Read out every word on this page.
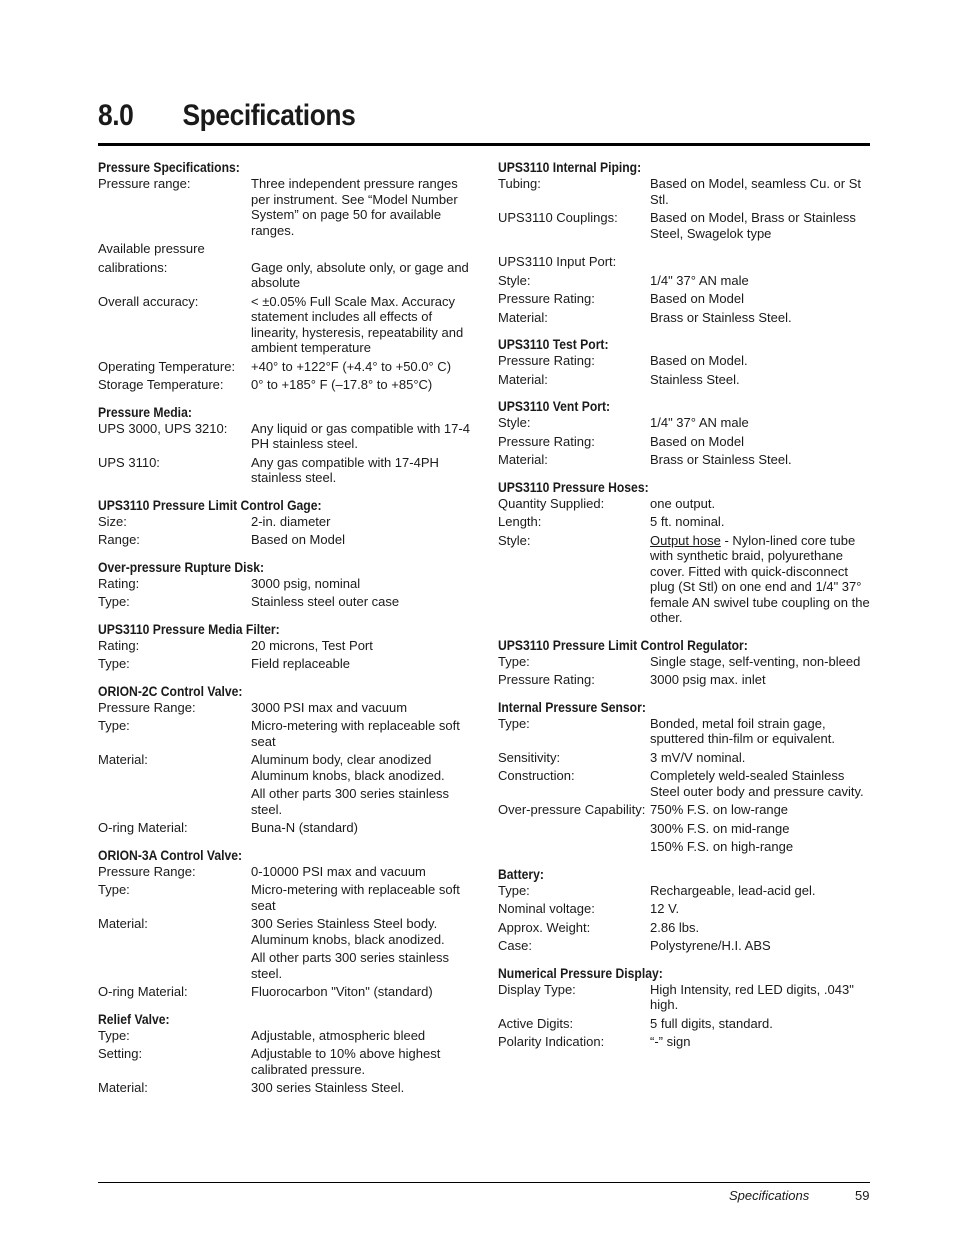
8.0 Specifications
Pressure Specifications:
Pressure range:	Three independent pressure ranges per instrument. See “Model Number System” on page 50 for available ranges.
Available pressure
calibrations:	Gage only, absolute only, or gage and absolute
Overall accuracy:	< ±0.05% Full Scale Max. Accuracy statement includes all effects of linearity, hysteresis, repeatability and ambient temperature
Operating Temperature:	+40° to +122°F (+4.4° to +50.0° C)
Storage Temperature:	0° to +185° F (–17.8° to +85°C)
Pressure Media:
UPS 3000, UPS 3210:	Any liquid or gas compatible with 17-4 PH stainless steel.
UPS 3110:	Any gas compatible with 17-4PH stainless steel.
UPS3110 Pressure Limit Control Gage:
Size:	2-in. diameter
Range:	Based on Model
Over-pressure Rupture Disk:
Rating:	3000 psig, nominal
Type:	Stainless steel outer case
UPS3110 Pressure Media Filter:
Rating:	20 microns, Test Port
Type:	Field replaceable
ORION-2C Control Valve:
Pressure Range:	3000 PSI max and vacuum
Type:	Micro-metering with replaceable soft seat
Material:	Aluminum body, clear anodized Aluminum knobs, black anodized.
All other parts 300 series stainless steel.
O-ring Material:	Buna-N (standard)
ORION-3A Control Valve:
Pressure Range:	0-10000 PSI max and vacuum
Type:	Micro-metering with replaceable soft seat
Material:	300 Series Stainless Steel body. Aluminum knobs, black anodized.
All other parts 300 series stainless steel.
O-ring Material:	Fluorocarbon "Viton" (standard)
Relief Valve:
Type:	Adjustable, atmospheric bleed
Setting:	Adjustable to 10% above highest calibrated pressure.
Material:	300 series Stainless Steel.
UPS3110 Internal Piping:
Tubing:	Based on Model, seamless Cu. or St Stl.
UPS3110 Couplings:	Based on Model, Brass or Stainless Steel, Swagelok type
UPS3110 Input Port:
Style:	1/4" 37° AN male
Pressure Rating:	Based on Model
Material:	Brass or Stainless Steel.
UPS3110 Test Port:
Pressure Rating:	Based on Model.
Material:	Stainless Steel.
UPS3110 Vent Port:
Style:	1/4" 37° AN male
Pressure Rating:	Based on Model
Material:	Brass or Stainless Steel.
UPS3110 Pressure Hoses:
Quantity Supplied:	one output.
Length:	5 ft. nominal.
Style:	Output hose - Nylon-lined core tube with synthetic braid, polyurethane cover. Fitted with quick-disconnect plug (St Stl) on one end and 1/4" 37° female AN swivel tube coupling on the other.
UPS3110 Pressure Limit Control Regulator:
Type:	Single stage, self-venting, non-bleed
Pressure Rating:	3000 psig max. inlet
Internal Pressure Sensor:
Type:	Bonded, metal foil strain gage, sputtered thin-film or equivalent.
Sensitivity:	3 mV/V nominal.
Construction:	Completely weld-sealed Stainless Steel outer body and pressure cavity.
Over-pressure Capability: 750% F.S. on low-range
300% F.S. on mid-range
150% F.S. on high-range
Battery:
Type:	Rechargeable, lead-acid gel.
Nominal voltage:	12 V.
Approx. Weight:	2.86 lbs.
Case:	Polystyrene/H.I. ABS
Numerical Pressure Display:
Display Type:	High Intensity, red LED digits, .043" high.
Active Digits:	5 full digits, standard.
Polarity Indication:	“-” sign
Specifications	59
